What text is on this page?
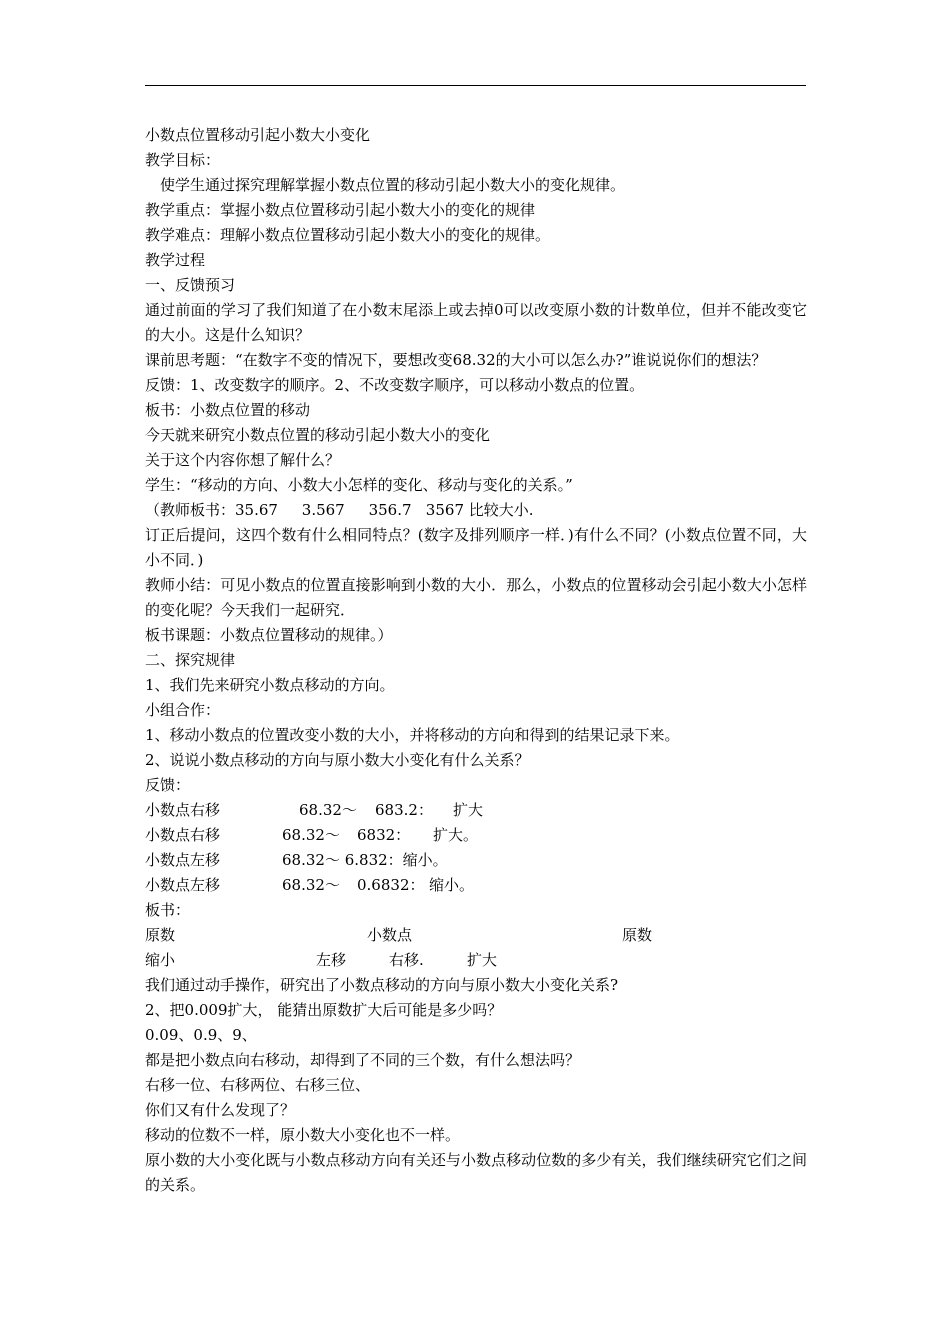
小数点位置移动引起小数大小变化
教学目标：
使学生通过探究理解掌握小数点位置的移动引起小数大小的变化规律。
教学重点：掌握小数点位置移动引起小数大小的变化的规律
教学难点：理解小数点位置移动引起小数大小的变化的规律。
教学过程
一、反馈预习
通过前面的学习了我们知道了在小数末尾添上或去掉0可以改变原小数的计数单位，但并不能改变它的大小。这是什么知识？
课前思考题：“在数字不变的情况下，要想改变68.32的大小可以怎么办?”谁说说你们的想法？
反馈：1、改变数字的顺序。2、不改变数字顺序，可以移动小数点的位置。
板书：小数点位置的移动
今天就来研究小数点位置的移动引起小数大小的变化
关于这个内容你想了解什么？
学生：“移动的方向、小数大小怎样的变化、移动与变化的关系。”
（教师板书：35.67     3.567     356.7   3567 比较大小.
订正后提问，这四个数有什么相同特点？(数字及排列顺序一样．)有什么不同？(小数点位置不同，大小不同．)
教师小结：可见小数点的位置直接影响到小数的大小．那么，小数点的位置移动会引起小数大小怎样的变化呢？今天我们一起研究．
板书课题：小数点位置移动的规律。）
二、探究规律
1、我们先来研究小数点移动的方向。
小组合作：
1、移动小数点的位置改变小数的大小，并将移动的方向和得到的结果记录下来。
2、说说小数点移动的方向与原小数大小变化有什么关系？
反馈：
小数点右移	68.32～ 683.2： 扩大
小数点右移	68.32～ 6832： 扩大。
小数点左移	68.32～ 6.832：缩小。
小数点左移	68.32～ 0.6832： 缩小。
板书：
原数	小数点	原数
缩小	左移	右移.	扩大
我们通过动手操作，研究出了小数点移动的方向与原小数大小变化关系?
2、把0.009扩大， 能猜出原数扩大后可能是多少吗？
0.09、0.9、9、
都是把小数点向右移动，却得到了不同的三个数，有什么想法吗？
右移一位、右移两位、右移三位、
你们又有什么发现了？
移动的位数不一样，原小数大小变化也不一样。
原小数的大小变化既与小数点移动方向有关还与小数点移动位数的多少有关，我们继续研究它们之间的关系。
